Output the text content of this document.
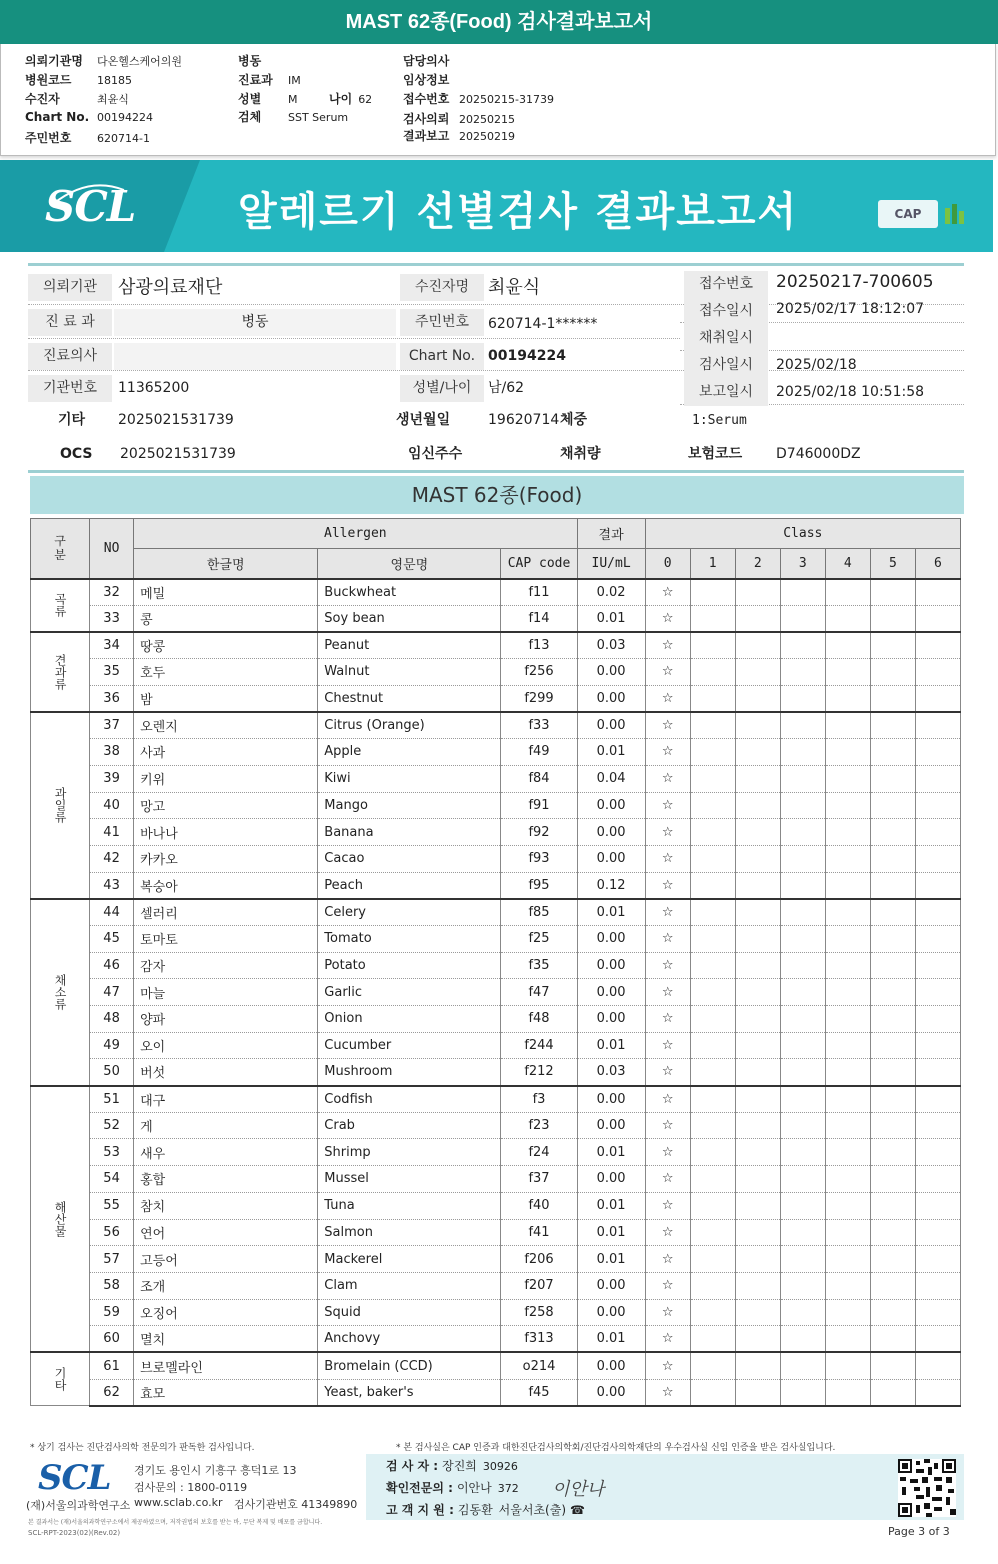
MAST 62종(Food) 검사결과보고서
의뢰기관명 다온헬스케어의원
병원코드 18185
수진자	최윤식
Chart No. 00194224
주민번호 620714-1
병동
진료과 IM
성별 M	나이 62
검체 SST Serum
담당의사
임상정보
접수번호 20250215-31739
검사의뢰 20250215
결과보고 20250219
SCL	알레르기 선별검사 결과보고서	CAP
의뢰기관	삼광의료재단
진 료 과	병동
진료의사
기관번호	11365200
기타 2025021531739
OCS 2025021531739
수진자명	최윤식
주민번호	620714-1******
Chart No. 00194224
성별/나이	남/62
생년월일	19620714 체중
임신주수	채취량
접수번호	20250217-700605
접수일시	2025/02/17 18:12:07
채취일시
검사일시	2025/02/18
보고일시	2025/02/18 10:51:58
1:Serum
보험코드 D746000DZ
MAST 62종(Food)
구분	NO	Allergen			결과	Class						
		한글명	영문명	CAP code	IU/mL	0	1	2	3	4	5	6
곡류	32	메밀	Buckwheat	f11	0.02	☆						
	33	콩	Soy bean	f14	0.01	☆						
견과류	34	땅콩	Peanut	f13	0.03	☆						
	35	호두	Walnut	f256	0.00	☆						
	36	밤	Chestnut	f299	0.00	☆						
과일류	37	오렌지	Citrus (Orange)	f33	0.00	☆						
	38	사과	Apple	f49	0.01	☆						
	39	키위	Kiwi	f84	0.04	☆						
	40	망고	Mango	f91	0.00	☆						
	41	바나나	Banana	f92	0.00	☆						
	42	카카오	Cacao	f93	0.00	☆						
	43	복숭아	Peach	f95	0.12	☆						
채소류	44	셀러리	Celery	f85	0.01	☆						
	45	토마토	Tomato	f25	0.00	☆						
	46	감자	Potato	f35	0.00	☆						
	47	마늘	Garlic	f47	0.00	☆						
	48	양파	Onion	f48	0.00	☆						
	49	오이	Cucumber	f244	0.01	☆						
	50	버섯	Mushroom	f212	0.03	☆						
해산물	51	대구	Codfish	f3	0.00	☆						
	52	게	Crab	f23	0.00	☆						
	53	새우	Shrimp	f24	0.01	☆						
	54	홍합	Mussel	f37	0.00	☆						
	55	참치	Tuna	f40	0.01	☆						
	56	연어	Salmon	f41	0.01	☆						
	57	고등어	Mackerel	f206	0.01	☆						
	58	조개	Clam	f207	0.00	☆						
	59	오징어	Squid	f258	0.00	☆						
	60	멸치	Anchovy	f313	0.01	☆						
기타	61	브로멜라인	Bromelain (CCD)	o214	0.00	☆						
	62	효모	Yeast, baker's	f45	0.00	☆						
* 상기 검사는 진단검사의학 전문의가 판독한 검사입니다.	* 본 검사실은 CAP 인증과 대한진단검사의학회/진단검사의학재단의 우수검사실 신임 인증을 받은 검사실입니다.
SCL
(재)서울의과학연구소
경기도 용인시 기흥구 흥덕1로 13
검사문의 : 1800-0119
www.sclab.co.kr 검사기관번호 41349890
본 결과서는 (재)서울의과학연구소에서 제공하였으며, 저작권법의 보호를 받는 바, 무단 복제 및 배포를 금합니다.
SCL-RPT-2023(02)(Rev.02)
검 사 자 : 장진희 30926
확인전문의 : 이안나 372 이안나
고 객 지 원 : 김동환 서울서초(출) ☎
Page 3 of 3
